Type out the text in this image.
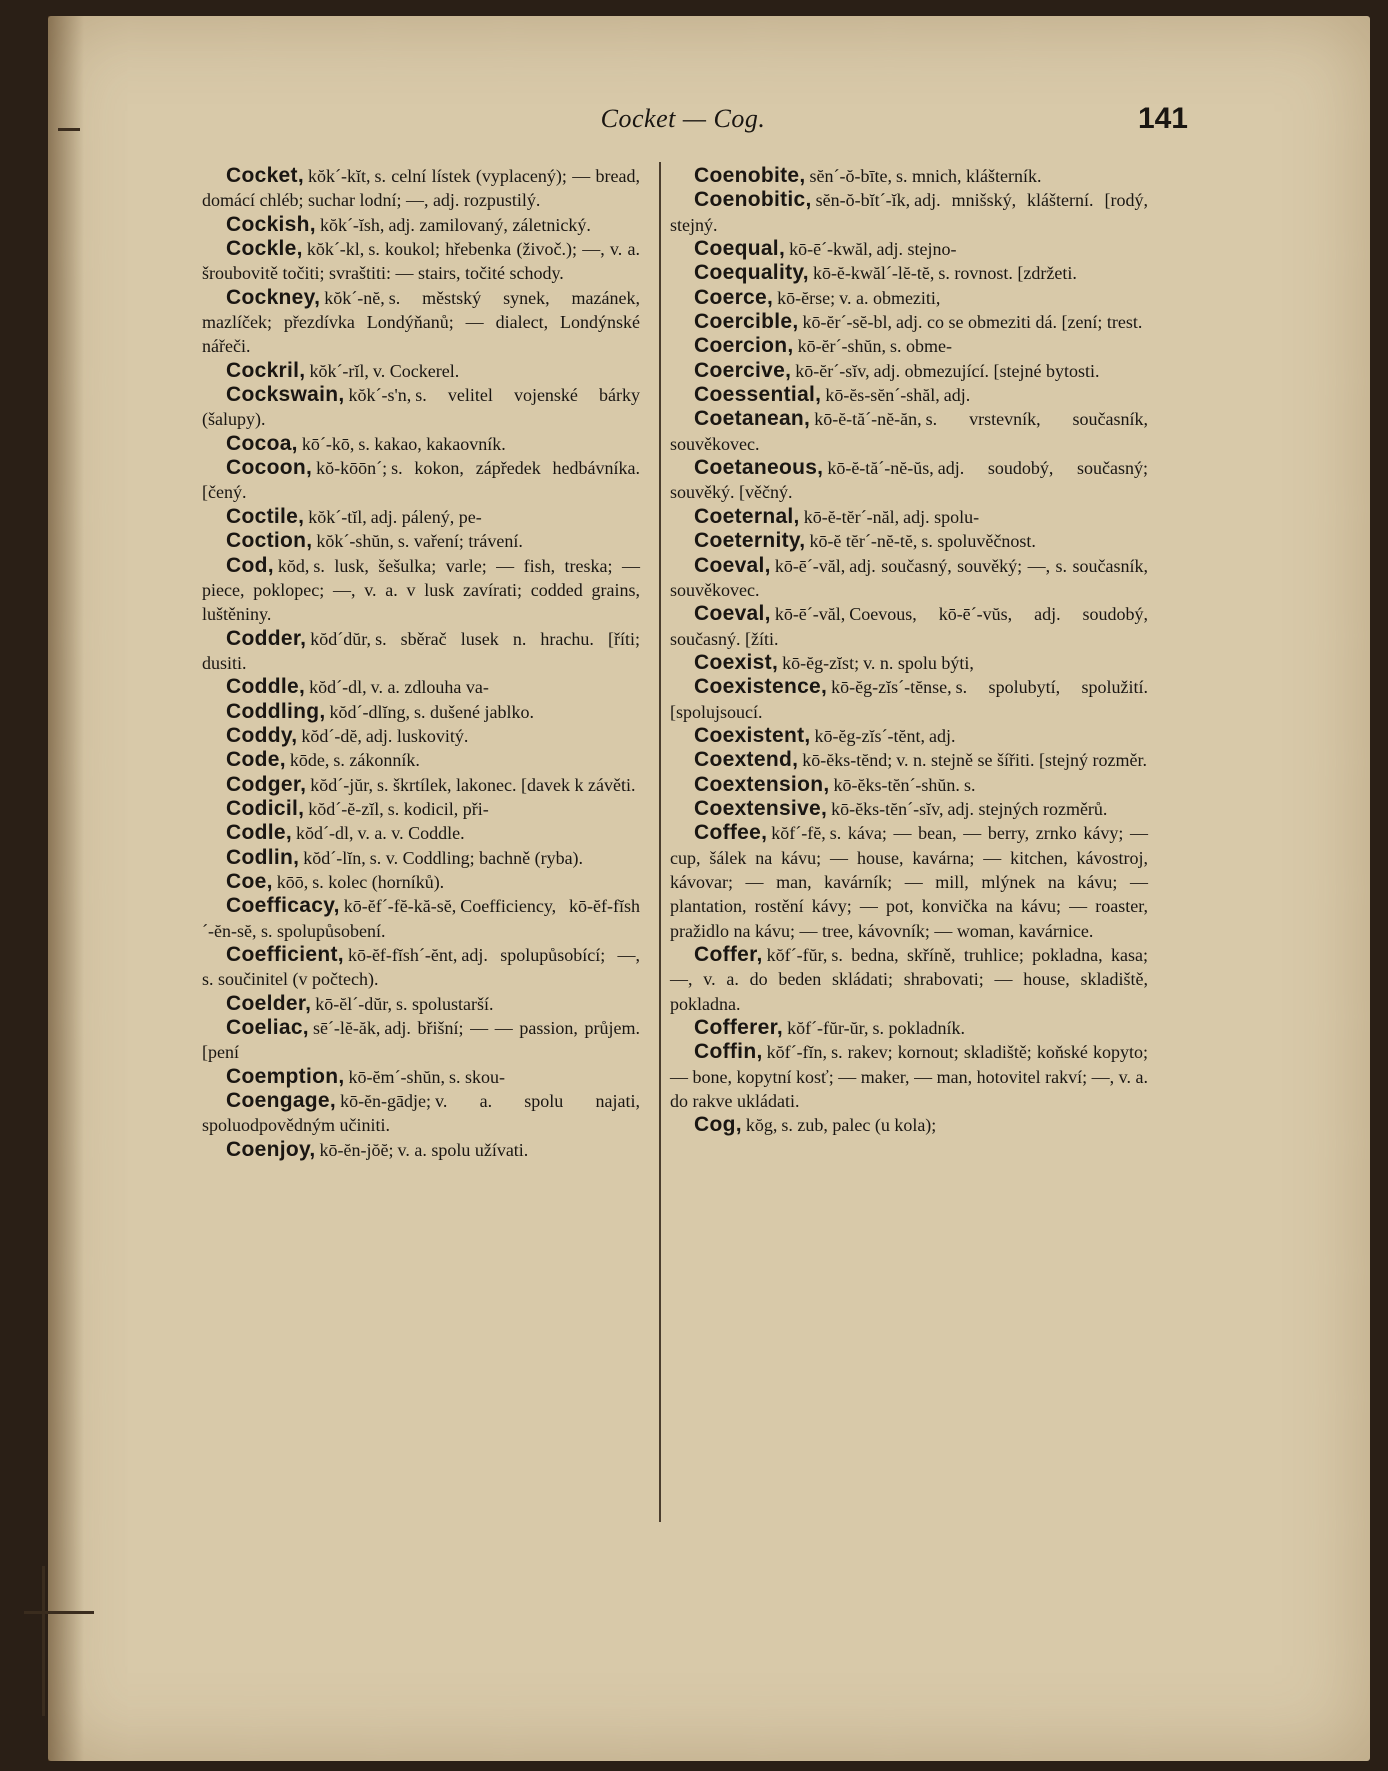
Cocket — Cog.	141

Cocket, kŏk´-kĭt, s. celní lístek (vyplacený); — bread, domácí chléb; suchar lodní; —, adj. rozpustilý.

Cockish, kŏk´-ĭsh, adj. zamilovaný, záletnický.

Cockle, kŏk´-kl, s. koukol; hřebenka (živoč.); —, v. a. šroubovitě točiti; svraštiti: — stairs, točité schody.

Cockney, kŏk´-nĕ, s. městský synek, mazánek, mazlíček; přezdívka Londýňanů; — dialect, Londýnské nářeči.

Cockril, kŏk´-rĭl, v. Cockerel.

Cockswain, kŏk´-s'n, s. velitel vojenské bárky (šalupy).

Cocoa, kō´-kō, s. kakao, kakaovník.

Cocoon, kŏ-kōōn´; s. kokon, zápředek hedbávníka. [čený.

Coctile, kŏk´-tĭl, adj. pálený, pe-

Coction, kŏk´-shŭn, s. vaření; trávení.

Cod, kŏd, s. lusk, šešulka; varle; — fish, treska; — piece, poklopec; —, v. a. v lusk zavírati; codded grains, luštěniny.

Codder, kŏd´dŭr, s. sběrač lusek n. hrachu. [říti; dusiti.

Coddle, kŏd´-dl, v. a. zdlouha va-

Coddling, kŏd´-dlĭng, s. dušené jablko.

Coddy, kŏd´-dĕ, adj. luskovitý.

Code, kōde, s. zákonník.

Codger, kŏd´-jŭr, s. škrtílek, lakonec. [davek k závěti.

Codicil, kŏd´-ĕ-zĭl, s. kodicil, při-

Codle, kŏd´-dl, v. a. v. Coddle.

Codlin, kŏd´-lĭn, s. v. Coddling; bachně (ryba).

Coe, kōō, s. kolec (horníků).

Coefficacy, kō-ĕf´-fĕ-kă-sĕ, Coefficiency, kō-ĕf-fĭsh´-ĕn-sĕ, s. spolupůsobení.

Coefficient, kō-ĕf-fĭsh´-ĕnt, adj. spolupůsobící; —, s. součinitel (v počtech).

Coelder, kō-ĕl´-dŭr, s. spolustarší.

Coeliac, sē´-lĕ-ăk, adj. břišní; — — passion, průjem. [pení

Coemption, kō-ĕm´-shŭn, s. skou-

Coengage, kō-ĕn-gādje; v. a. spolu najati, spoluodpovědným učiniti.

Coenjoy, kō-ĕn-jŏĕ; v. a. spolu užívati.

Coenobite, sĕn´-ŏ-bīte, s. mnich, klášterník.

Coenobitic, sĕn-ŏ-bĭt´-ĭk, adj. mnišský, klášterní. [rodý, stejný.

Coequal, kō-ē´-kwăl, adj. stejno-

Coequality, kō-ĕ-kwăl´-lĕ-tĕ, s. rovnost. [zdržeti.

Coerce, kō-ĕrse; v. a. obmeziti,

Coercible, kō-ĕr´-sĕ-bl, adj. co se obmeziti dá. [zení; trest.

Coercion, kō-ĕr´-shŭn, s. obme-

Coercive, kō-ĕr´-sĭv, adj. obmezující. [stejné bytosti.

Coessential, kō-ĕs-sĕn´-shăl, adj.

Coetanean, kō-ĕ-tă´-nĕ-ăn, s. vrstevník, současník, souvěkovec.

Coetaneous, kō-ĕ-tă´-nĕ-ŭs, adj. soudobý, současný; souvěký. [věčný.

Coeternal, kō-ĕ-tĕr´-năl, adj. spolu-

Coeternity, kō-ĕ tĕr´-nĕ-tĕ, s. spoluvěčnost.

Coeval, kō-ē´-văl, adj. současný, souvěký; —, s. současník, souvěkovec.

Coeval, kō-ē´-văl, Coevous, kō-ē´-vŭs, adj. soudobý, současný. [žíti.

Coexist, kō-ĕg-zĭst; v. n. spolu býti,

Coexistence, kō-ĕg-zĭs´-tĕnse, s. spolubytí, spolužití. [spolujsoucí.

Coexistent, kō-ĕg-zĭs´-tĕnt, adj.

Coextend, kō-ĕks-tĕnd; v. n. stejně se šířiti. [stejný rozměr.

Coextension, kō-ĕks-tĕn´-shŭn. s.

Coextensive, kō-ĕks-tĕn´-sĭv, adj. stejných rozměrů.

Coffee, kŏf´-fĕ, s. káva; — bean, — berry, zrnko kávy; — cup, šálek na kávu; — house, kavárna; — kitchen, kávostroj, kávovar; — man, kavárník; — mill, mlýnek na kávu; — plantation, rostění kávy; — pot, konvička na kávu; — roaster, pražidlo na kávu; — tree, kávovník; — woman, kavárnice.

Coffer, kŏf´-fŭr, s. bedna, skříně, truhlice; pokladna, kasa; —, v. a. do beden skládati; shrabovati; — house, skladiště, pokladna.

Cofferer, kŏf´-fŭr-ŭr, s. pokladník.

Coffin, kŏf´-fĭn, s. rakev; kornout; skladiště; koňské kopyto; — bone, kopytní kosť; — maker, — man, hotovitel rakví; —, v. a. do rakve ukládati.

Cog, kŏg, s. zub, palec (u kola);
